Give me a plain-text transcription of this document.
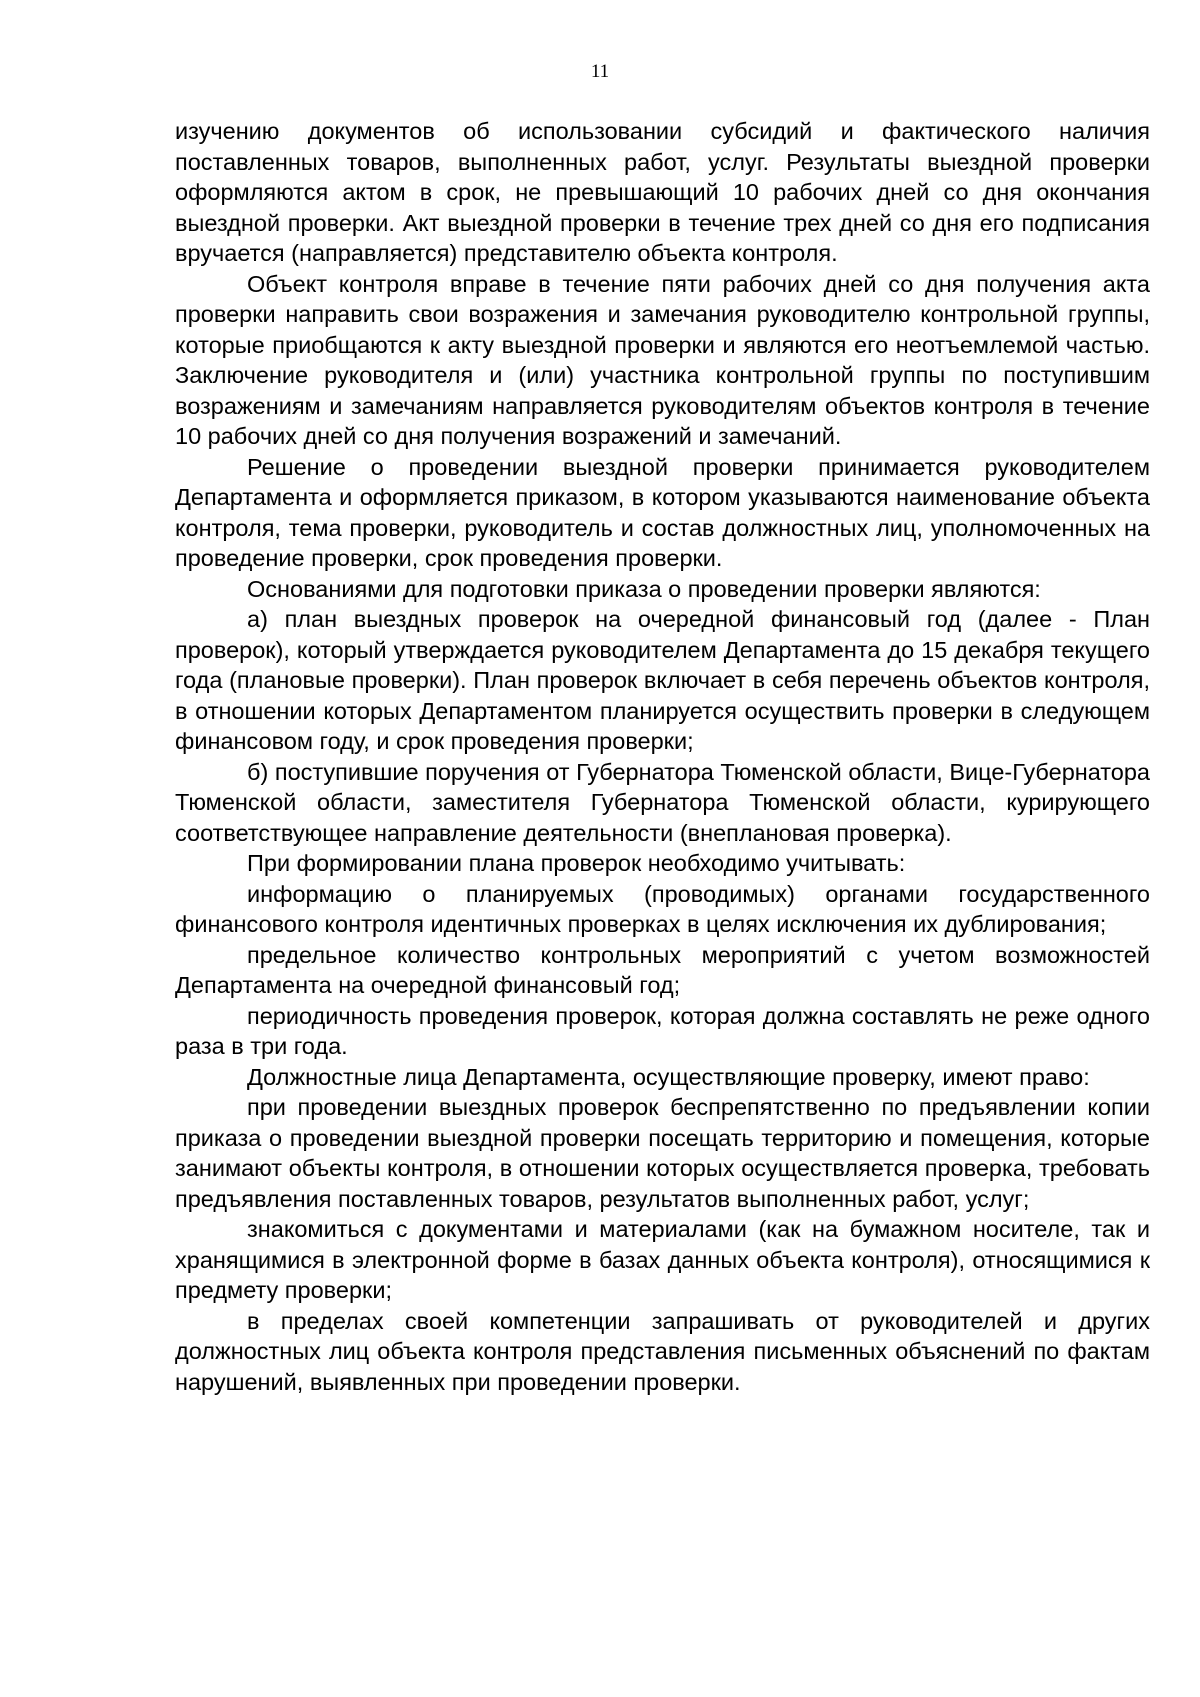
11

изучению документов об использовании субсидий и фактического наличия поставленных товаров, выполненных работ, услуг. Результаты выездной проверки оформляются актом в срок, не превышающий 10 рабочих дней со дня окончания выездной проверки. Акт выездной проверки в течение трех дней со дня его подписания вручается (направляется) представителю объекта контроля.

Объект контроля вправе в течение пяти рабочих дней со дня получения акта проверки направить свои возражения и замечания руководителю контрольной группы, которые приобщаются к акту выездной проверки и являются его неотъемлемой частью. Заключение руководителя и (или) участника контрольной группы по поступившим возражениям и замечаниям направляется руководителям объектов контроля в течение 10 рабочих дней со дня получения возражений и замечаний.

Решение о проведении выездной проверки принимается руководителем Департамента и оформляется приказом, в котором указываются наименование объекта контроля, тема проверки, руководитель и состав должностных лиц, уполномоченных на проведение проверки, срок проведения проверки.

Основаниями для подготовки приказа о проведении проверки являются:

а) план выездных проверок на очередной финансовый год (далее - План проверок), который утверждается руководителем Департамента до 15 декабря текущего года (плановые проверки). План проверок включает в себя перечень объектов контроля, в отношении которых Департаментом планируется осуществить проверки в следующем финансовом году, и срок проведения проверки;

б) поступившие поручения от Губернатора Тюменской области, Вице-Губернатора Тюменской области, заместителя Губернатора Тюменской области, курирующего соответствующее направление деятельности (внеплановая проверка).

При формировании плана проверок необходимо учитывать:

информацию о планируемых (проводимых) органами государственного финансового контроля идентичных проверках в целях исключения их дублирования;

предельное количество контрольных мероприятий с учетом возможностей Департамента на очередной финансовый год;

периодичность проведения проверок, которая должна составлять не реже одного раза в три года.

Должностные лица Департамента, осуществляющие проверку, имеют право:

при проведении выездных проверок беспрепятственно по предъявлении копии приказа о проведении выездной проверки посещать территорию и помещения, которые занимают объекты контроля, в отношении которых осуществляется проверка, требовать предъявления поставленных товаров, результатов выполненных работ, услуг;

знакомиться с документами и материалами (как на бумажном носителе, так и хранящимися в электронной форме в базах данных объекта контроля), относящимися к предмету проверки;

в пределах своей компетенции запрашивать от руководителей и других должностных лиц объекта контроля представления письменных объяснений по фактам нарушений, выявленных при проведении проверки.
